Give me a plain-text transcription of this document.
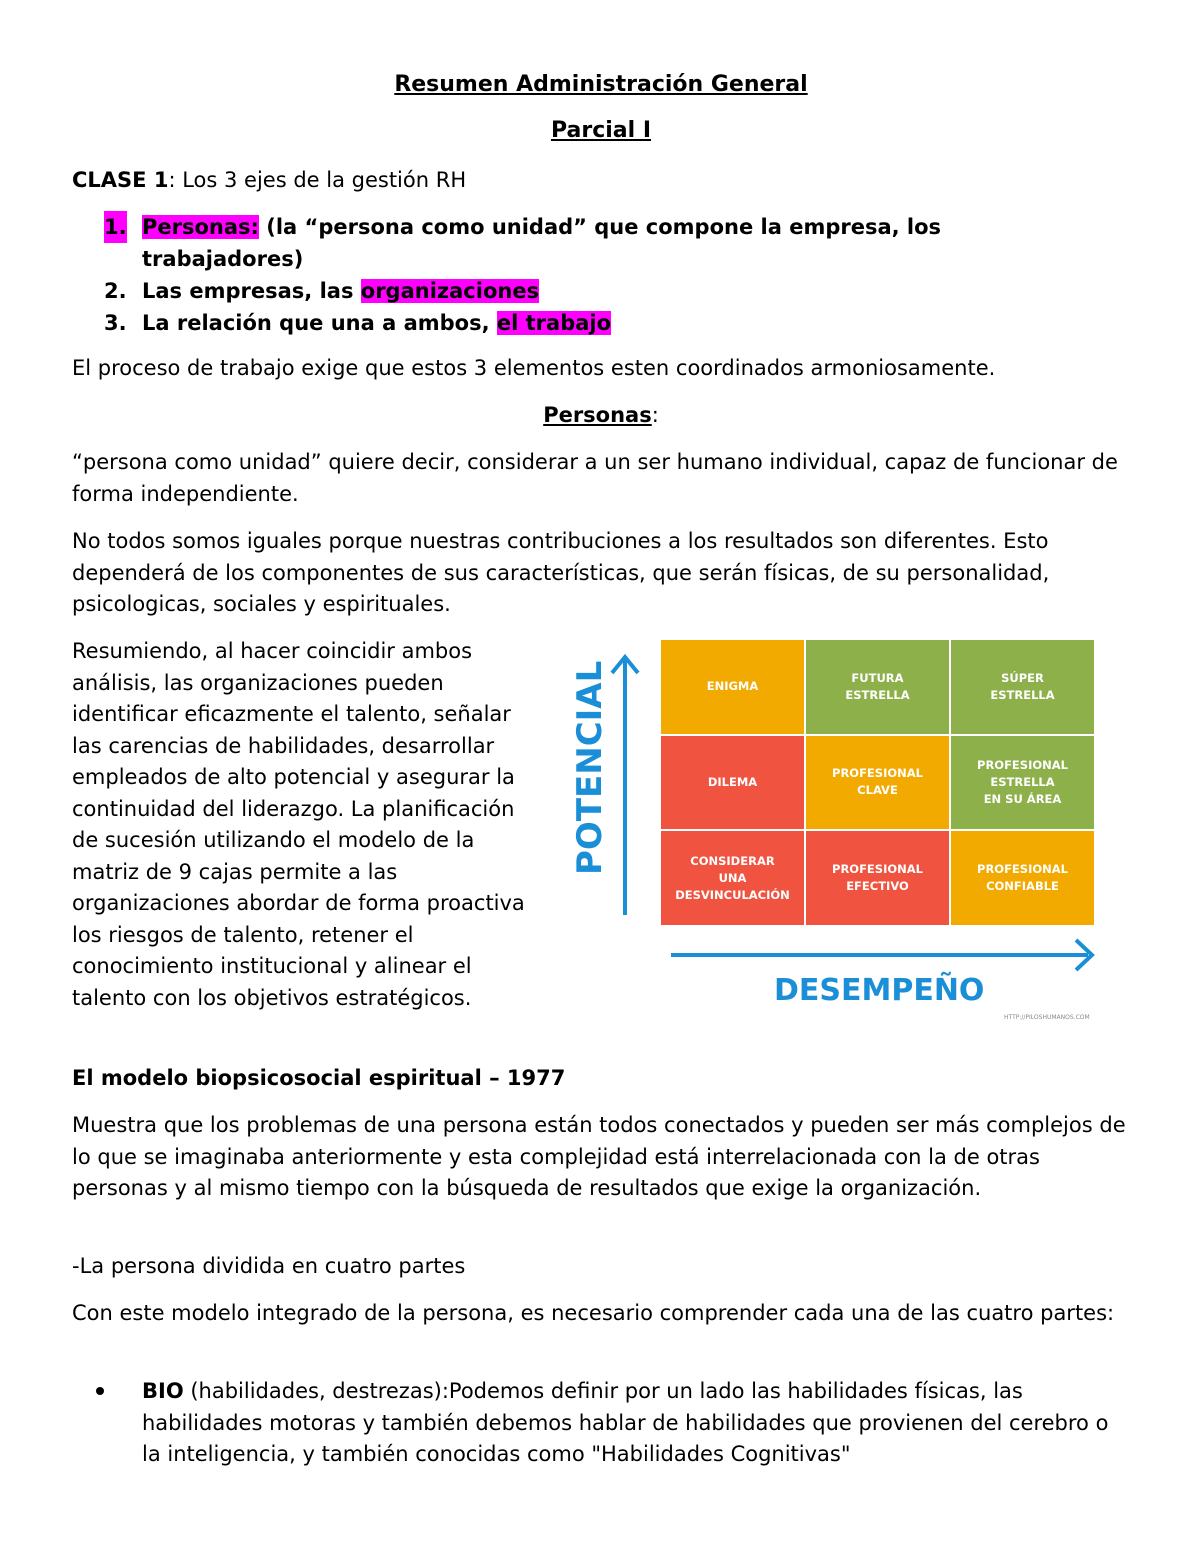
Resumen Administración General
Parcial I
CLASE 1: Los 3 ejes de la gestión RH
1. Personas: (la “persona como unidad” que compone la empresa, los trabajadores)
2. Las empresas, las organizaciones
3. La relación que una a ambos, el trabajo
El proceso de trabajo exige que estos 3 elementos esten coordinados armoniosamente.
Personas:
“persona como unidad” quiere decir, considerar a un ser humano individual, capaz de funcionar de forma independiente.
No todos somos iguales porque nuestras contribuciones a los resultados son diferentes. Esto dependerá de los componentes de sus características, que serán físicas, de su personalidad, psicologicas, sociales y espirituales.
Resumiendo, al hacer coincidir ambos análisis, las organizaciones pueden identificar eficazmente el talento, señalar las carencias de habilidades, desarrollar empleados de alto potencial y asegurar la continuidad del liderazgo. La planificación de sucesión utilizando el modelo de la matriz de 9 cajas permite a las organizaciones abordar de forma proactiva los riesgos de talento, retener el conocimiento institucional y alinear el talento con los objetivos estratégicos.
El modelo biopsicosocial espiritual – 1977
Muestra que los problemas de una persona están todos conectados y pueden ser más complejos de lo que se imaginaba anteriormente y esta complejidad está interrelacionada con la de otras personas y al mismo tiempo con la búsqueda de resultados que exige la organización.
-La persona dividida en cuatro partes
Con este modelo integrado de la persona, es necesario comprender cada una de las cuatro partes:
BIO (habilidades, destrezas):Podemos definir por un lado las habilidades físicas, las habilidades motoras y también debemos hablar de habilidades que provienen del cerebro o la inteligencia, y también conocidas como "Habilidades Cognitivas"
POTENCIAL	ENIGMA
FUTURA
ESTRELLA
SÚPER
ESTRELLA
DILEMA
PROFESIONAL
CLAVE
PROFESIONAL
ESTRELLA
EN SU ÁREA
CONSIDERAR
UNA
DESVINCULACIÓN
PROFESIONAL
EFECTIVO
PROFESIONAL
CONFIABLE
DESEMPEÑO
HTTP://PILOSHUMANOS.COM
